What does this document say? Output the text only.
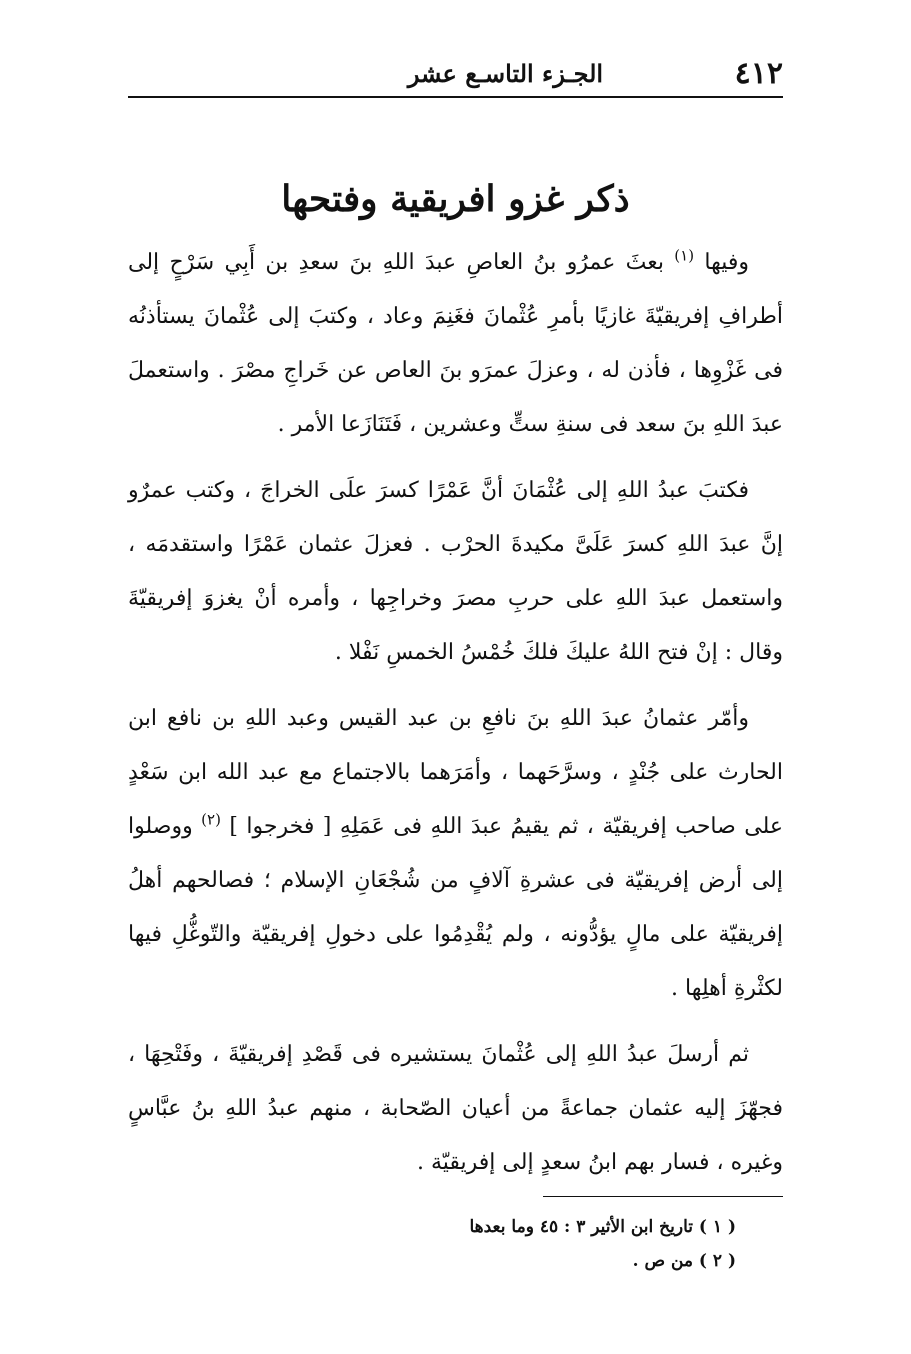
٤١٢
الجـزء التاسـع عشر
ذكر غزو افريقية وفتحها

وفيها $^{(١)}$ بعثَ عمرُو بنُ العاصِ عبدَ اللهِ بنَ سعدِ بن أَبِي سَرْحٍ إلى أطرافِ إفريقيّةَ غازيًا بأمرِ عُثْمانَ فغَنِمَ وعاد ، وكتبَ إلى عُثْمانَ يستأذنُه فى غَزْوِها ، فأذن له ، وعزلَ عمرَو بنَ العاص عن خَراجِ مصْرَ . واستعملَ عبدَ اللهِ بنَ سعد فى سنةِ ستٍّ وعشرين ، فَتَنَازَعا الأمر .

فكتبَ عبدُ اللهِ إلى عُثْمَانَ أنَّ عَمْرًا كسرَ علَى الخراجَ ، وكتب عمرٌو إنَّ عبدَ اللهِ كسرَ عَلَىَّ مكيدةَ الحرْب . فعزلَ عثمان عَمْرًا واستقدمَه ، واستعمل عبدَ اللهِ على حربِ مصرَ وخراجِها ، وأمره أنْ يغزوَ إفريقيّةَ وقال : إنْ فتح اللهُ عليكَ فلكَ خُمْسُ الخمسِ نَفْلا .

وأمّر عثمانُ عبدَ اللهِ بنَ نافعِ بن عبد القيس وعبد اللهِ بن نافع ابن الحارث على جُنْدٍ ، وسرَّحَهما ، وأمَرَهما بالاجتماع مع عبد الله ابن سَعْدٍ على صاحب إفريقيّة ، ثم يقيمُ عبدَ اللهِ فى عَمَلِهِ [ فخرجوا ] $^{(٢)}$ ووصلوا إلى أرض إفريقيّة فى عشرةِ آلافٍ من شُجْعَانِ الإسلام ؛ فصالحهم أهلُ إفريقيّة على مالٍ يؤدُّونه ، ولم يُقْدِمُوا على دخولِ إفريقيّة والتّوغُّلِ فيها لكثْرةِ أهلِها .

ثم أرسلَ عبدُ اللهِ إلى عُثْمانَ يستشيره فى قَصْدِ إفريقيّةَ ، وفَتْحِهَا ، فجهّزَ إليه عثمان جماعةً من أعيان الصّحابة ، منهم عبدُ اللهِ بنُ عبَّاسٍ وغيره ، فسار بهم ابنُ سعدٍ إلى إفريقيّة .

( ١ ) تاريخ ابن الأثير ٣ : ٤٥ وما بعدها
( ٢ ) من ص .
